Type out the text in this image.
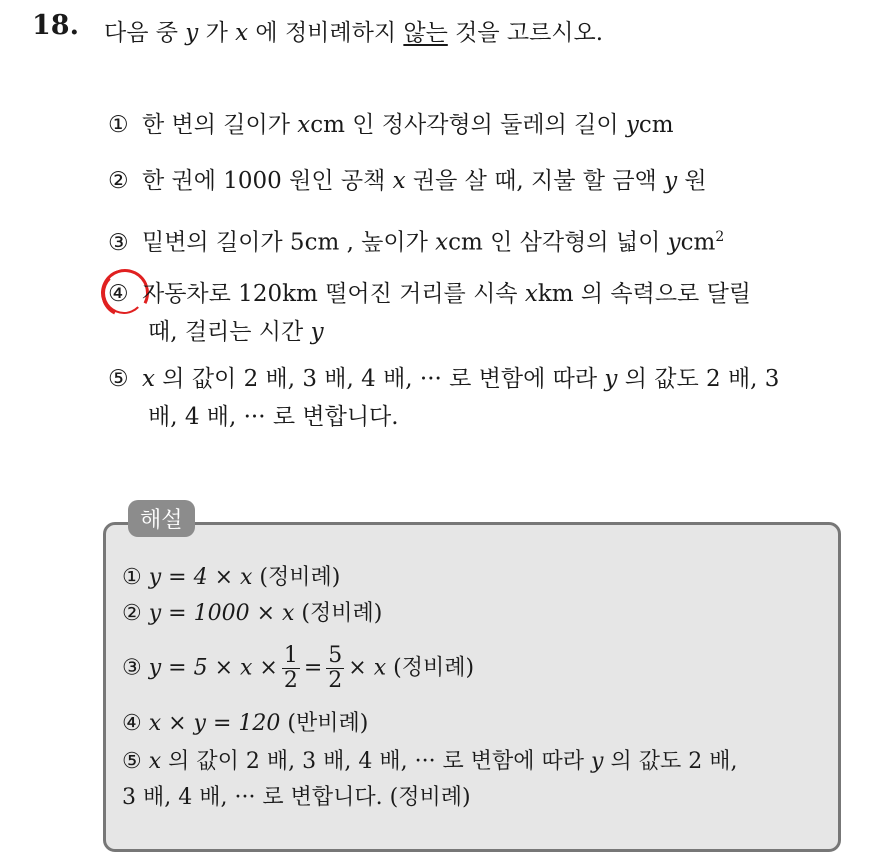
18. 다음 중 y 가 x 에 정비례하지 않는 것을 고르시오.
① 한 변의 길이가 xcm 인 정사각형의 둘레의 길이 ycm
② 한 권에 1000 원인 공책 x 권을 살 때, 지불 할 금액 y 원
③ 밑변의 길이가 5cm , 높이가 xcm 인 삼각형의 넓이 ycm$^2$
④ 자동차로 120km 떨어진 거리를 시속 xkm 의 속력으로 달릴
때, 걸리는 시간 y
⑤ x 의 값이 2 배, 3 배, 4 배, ··· 로 변함에 따라 y 의 값도 2 배, 3
배, 4 배, ··· 로 변합니다.
해설
① y = 4 × x (정비례)
② y = 1000 × x (정비례)
③ $y = 5 \times x \times \frac{1}{2} = \frac{5}{2} \times x$ (정비례)
④ x × y = 120 (반비례)
⑤ x 의 값이 2 배, 3 배, 4 배, ··· 로 변함에 따라 y 의 값도 2 배,
3 배, 4 배, ··· 로 변합니다. (정비례)
